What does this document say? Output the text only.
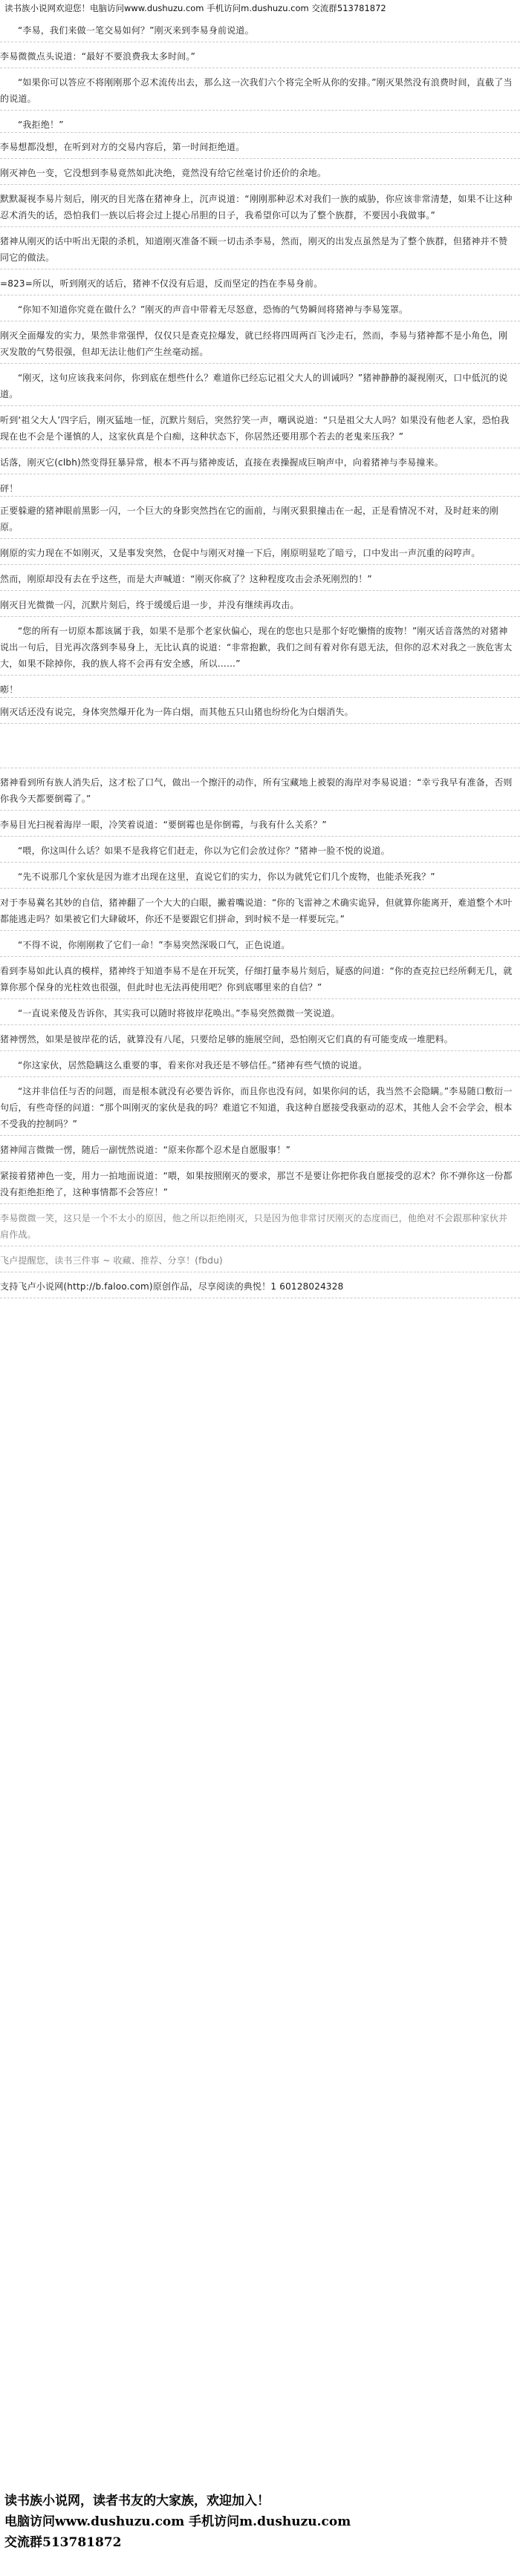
读书族小说网欢迎您！电脑访问www.dushuzu.com 手机访问m.dushuzu.com 交流群513781872
“李易，我们来做一笔交易如何？”刚灭来到李易身前说道。
李易微微点头说道：“最好不要浪费我太多时间。”
“如果你可以答应不将刚刚那个忍术流传出去，那么这一次我们六个将完全听从你的安排。”刚灭果然没有浪费时间，直截了当的说道。
“我拒绝！”
李易想都没想，在听到对方的交易内容后，第一时间拒绝道。
刚灭神色一变，它没想到李易竟然如此决绝，竟然没有给它丝毫讨价还价的余地。
默默凝视李易片刻后，刚灭的目光落在猪神身上，沉声说道：“刚刚那种忍术对我们一族的威胁，你应该非常清楚，如果不让这种忍术消失的话，恐怕我们一族以后将会过上提心吊胆的日子，我希望你可以为了整个族群，不要因小我做事。”
猪神从刚灭的话中听出无限的杀机，知道刚灭准备不顾一切击杀李易，然而，刚灭的出发点虽然是为了整个族群，但猪神并不赞同它的做法。
=823=所以，听到刚灭的话后，猪神不仅没有后退，反而坚定的挡在李易身前。
“你知不知道你究竟在做什么？”刚灭的声音中带着无尽怒意，恐怖的气势瞬间将猪神与李易笼罩。
刚灭全面爆发的实力，果然非常强悍，仅仅只是查克拉爆发，就已经将四周两百飞沙走石，然而，李易与猪神都不是小角色，刚灭发散的气势很强，但却无法让他们产生丝毫动摇。
“刚灭，这句应该我来问你，你到底在想些什么？难道你已经忘记祖父大人的训诫吗？”猪神静静的凝视刚灭，口中低沉的说道。
听到‘祖父大人’四字后，刚灭猛地一怔，沉默片刻后，突然狞笑一声，嘲讽说道：“只是祖父大人吗？如果没有他老人家，恐怕我现在也不会是个谨慎的人，这家伙真是个白痴，这种状态下，你居然还要用那个若去的老鬼来压我？”
话落，刚灭它(clbh)然变得狂暴异常，根本不再与猪神废话，直接在表操握成巨响声中，向着猪神与李易撞来。
砰！
正要躲避的猪神眼前黑影一闪，一个巨大的身影突然挡在它的面前，与刚灭狠狠撞击在一起，正是看情况不对，及时赶来的刚原。
刚原的实力现在不如刚灭，又是事发突然，仓促中与刚灭对撞一下后，刚原明显吃了暗亏，口中发出一声沉重的闷哼声。
然而，刚原却没有去在乎这些，而是大声喊道：“刚灭你疯了？这种程度攻击会杀死刚烈的！”
刚灭目光微微一闪，沉默片刻后，终于缓缓后退一步，并没有继续再攻击。
“您的所有一切原本都该属于我，如果不是那个老家伙偏心，现在的您也只是那个好吃懒惰的废物！”刚灭话音落然的对猪神说出一句后，目光再次落到李易身上，无比认真的说道：“非常抱歉，我们之间有着对你有恩无法，但你的忍术对我之一族危害太大，如果不除掉你，我的族人将不会再有安全感，所以……”
嘭！
刚灭话还没有说完，身体突然爆开化为一阵白烟，而其他五只山猪也纷纷化为白烟消失。
猪神看到所有族人消失后，这才松了口气，做出一个擦汗的动作，所有宝藏地上被裂的海岸对李易说道：“幸亏我早有准备，否则你我今天都要倒霉了。”
李易目光扫视着海岸一眼，冷笑着说道：“要倒霉也是你倒霉，与我有什么关系？”
“喂，你这叫什么话？如果不是我将它们赶走，你以为它们会放过你？”猪神一脸不悦的说道。
“先不说那几个家伙是因为谁才出现在这里，直说它们的实力，你以为就凭它们几个废物，也能杀死我？”
对于李易冀名其妙的自信，猪神翻了一个大大的白眼，撇着嘴说道：“你的飞雷神之术确实诡异，但就算你能离开，难道整个木叶都能逃走吗？如果被它们大肆破坏，你还不是要跟它们拼命，到时候不是一样要玩完。”
“不得不说，你刚刚救了它们一命！”李易突然深吸口气，正色说道。
看到李易如此认真的模样，猪神终于知道李易不是在开玩笑，仔细打量李易片刻后，疑惑的问道：“你的查克拉已经所剩无几，就算你那个保身的光柱效也很强，但此时也无法再使用吧？你到底哪里来的自信？”
“一直说来傻及告诉你，其实我可以随时将彼岸花唤出。”李易突然微微一笑说道。
猪神愣然，如果是彼岸花的话，就算没有八尾，只要给足够的施展空间，恐怕刚灭它们真的有可能变成一堆肥料。
“你这家伙，居然隐瞒这么重要的事，看来你对我还是不够信任。”猪神有些气愤的说道。
“这并非信任与否的问题，而是根本就没有必要告诉你，而且你也没有问，如果你问的话，我当然不会隐瞒。”李易随口敷衍一句后，有些奇怪的问道：“那个叫刚灭的家伙是我的吗？难道它不知道，我这种自愿接受我驱动的忍术，其他人会不会学会，根本不受我的控制吗？”
猪神闻言微微一愣，随后一副恍然说道：“原来你都个忍术是自愿服事！”
紧接着猪神色一变，用力一拍地面说道：“喂，如果按照刚灭的要求，那岂不是要让你把你我自愿接受的忍术？你不弹你这一份都没有拒绝拒绝了，这种事情都不会答应！”
李易微微一笑，这只是一个不太小的原因，他之所以拒绝刚灭，只是因为他非常讨厌刚灭的态度而已，他绝对不会跟那种家伙并肩作战。
飞卢提醒您，读书三件事 ~ 收藏、推荐、分享！(fbdu)
支持飞卢小说网(http://b.faloo.com)原创作品，尽享阅读的典悦！1 60128024328
读书族小说网，读者书友的大家族，欢迎加入！
电脑访问www.dushuzu.com 手机访问m.dushuzu.com
交流群513781872
